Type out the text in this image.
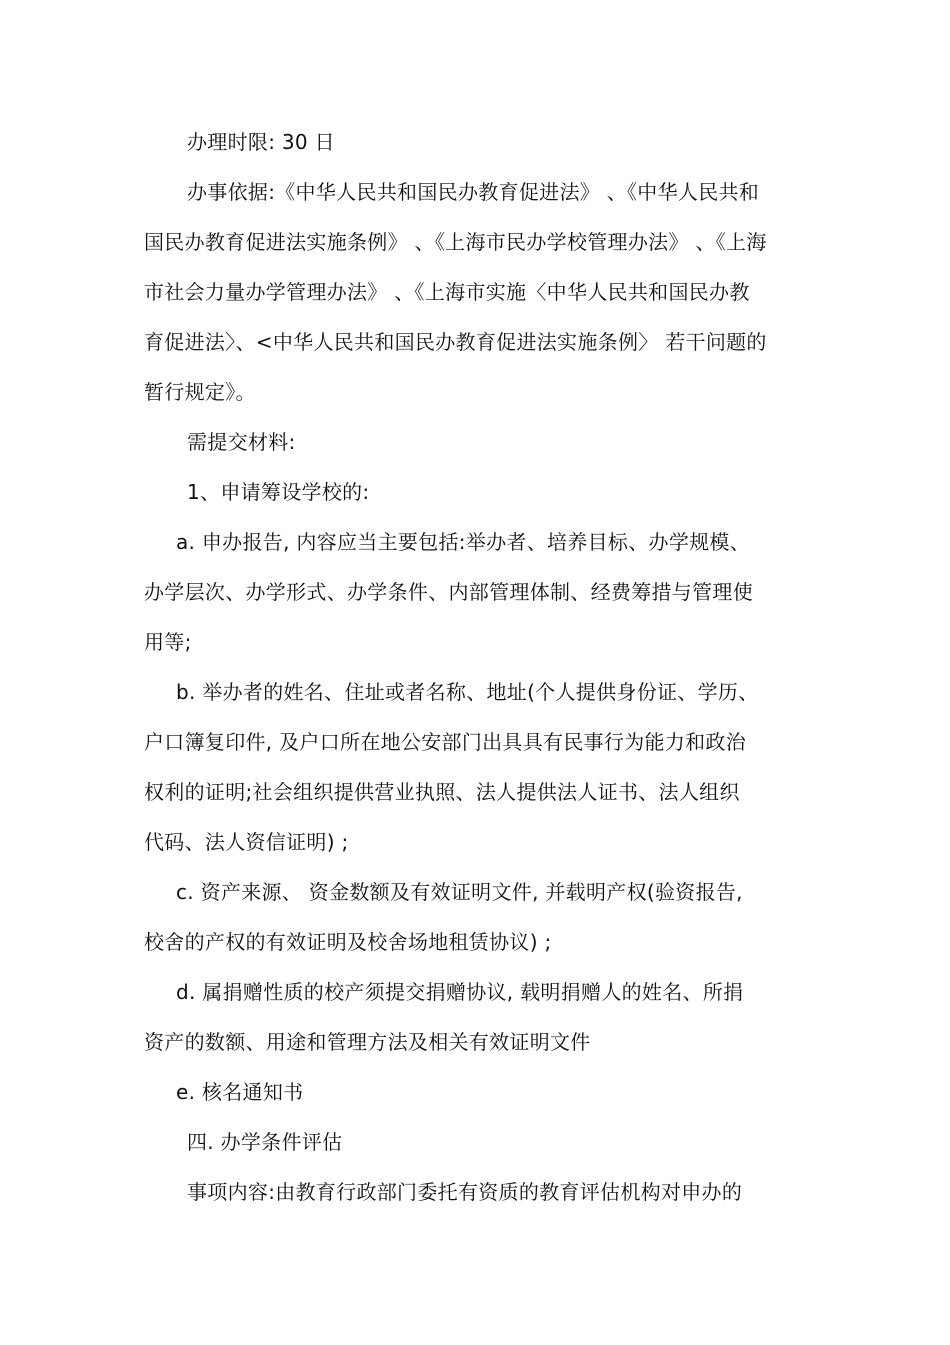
办理时限: 30 日
办事依据:《中华人民共和国民办教育促进法》 、《中华人民共和
国民办教育促进法实施条例》 、《上海市民办学校管理办法》 、《上海
市社会力量办学管理办法》 、《上海市实施〈中华人民共和国民办教
育促进法〉、<中华人民共和国民办教育促进法实施条例〉 若干问题的
暂行规定》。
需提交材料:
1、申请筹设学校的:
a. 申办报告, 内容应当主要包括:举办者、培养目标、办学规模、
办学层次、办学形式、办学条件、内部管理体制、经费筹措与管理使
用等;
b. 举办者的姓名、住址或者名称、地址(个人提供身份证、学历、
户口簿复印件, 及户口所在地公安部门出具具有民事行为能力和政治
权利的证明;社会组织提供营业执照、法人提供法人证书、法人组织
代码、法人资信证明) ;
c. 资产来源、 资金数额及有效证明文件, 并载明产权(验资报告,
校舍的产权的有效证明及校舍场地租赁协议) ;
d. 属捐赠性质的校产须提交捐赠协议, 载明捐赠人的姓名、所捐
资产的数额、用途和管理方法及相关有效证明文件
e. 核名通知书
四. 办学条件评估
事项内容:由教育行政部门委托有资质的教育评估机构对申办的
